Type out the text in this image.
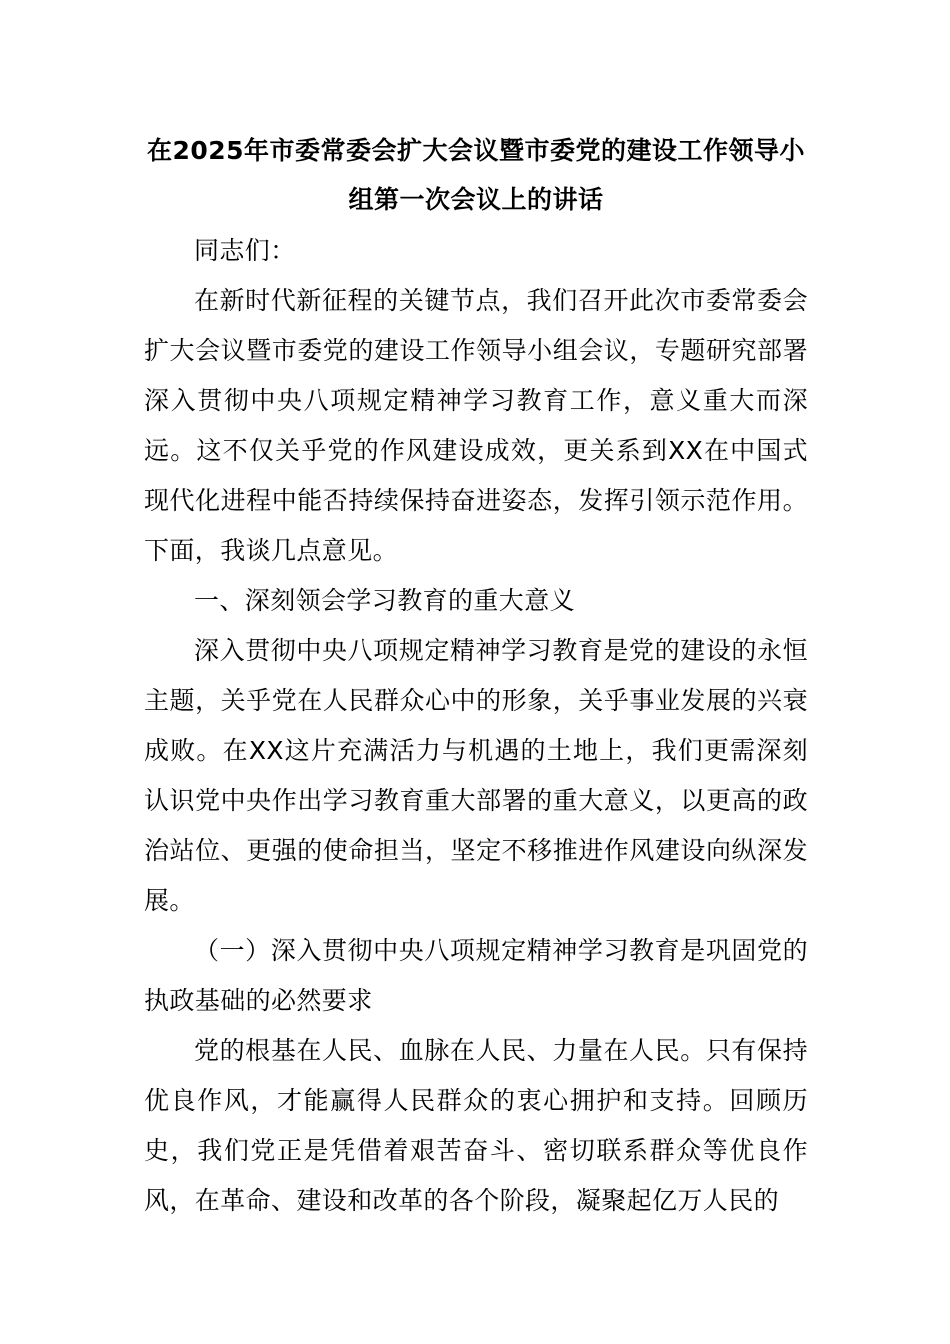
在2025年市委常委会扩大会议暨市委党的建设工作领导小组第一次会议上的讲话

同志们：

在新时代新征程的关键节点，我们召开此次市委常委会扩大会议暨市委党的建设工作领导小组会议，专题研究部署深入贯彻中央八项规定精神学习教育工作，意义重大而深远。这不仅关乎党的作风建设成效，更关系到XX在中国式现代化进程中能否持续保持奋进姿态，发挥引领示范作用。下面，我谈几点意见。

一、深刻领会学习教育的重大意义

深入贯彻中央八项规定精神学习教育是党的建设的永恒主题，关乎党在人民群众心中的形象，关乎事业发展的兴衰成败。在XX这片充满活力与机遇的土地上，我们更需深刻认识党中央作出学习教育重大部署的重大意义，以更高的政治站位、更强的使命担当，坚定不移推进作风建设向纵深发展。

（一）深入贯彻中央八项规定精神学习教育是巩固党的执政基础的必然要求

党的根基在人民、血脉在人民、力量在人民。只有保持优良作风，才能赢得人民群众的衷心拥护和支持。回顾历史，我们党正是凭借着艰苦奋斗、密切联系群众等优良作风，在革命、建设和改革的各个阶段，凝聚起亿万人民的
